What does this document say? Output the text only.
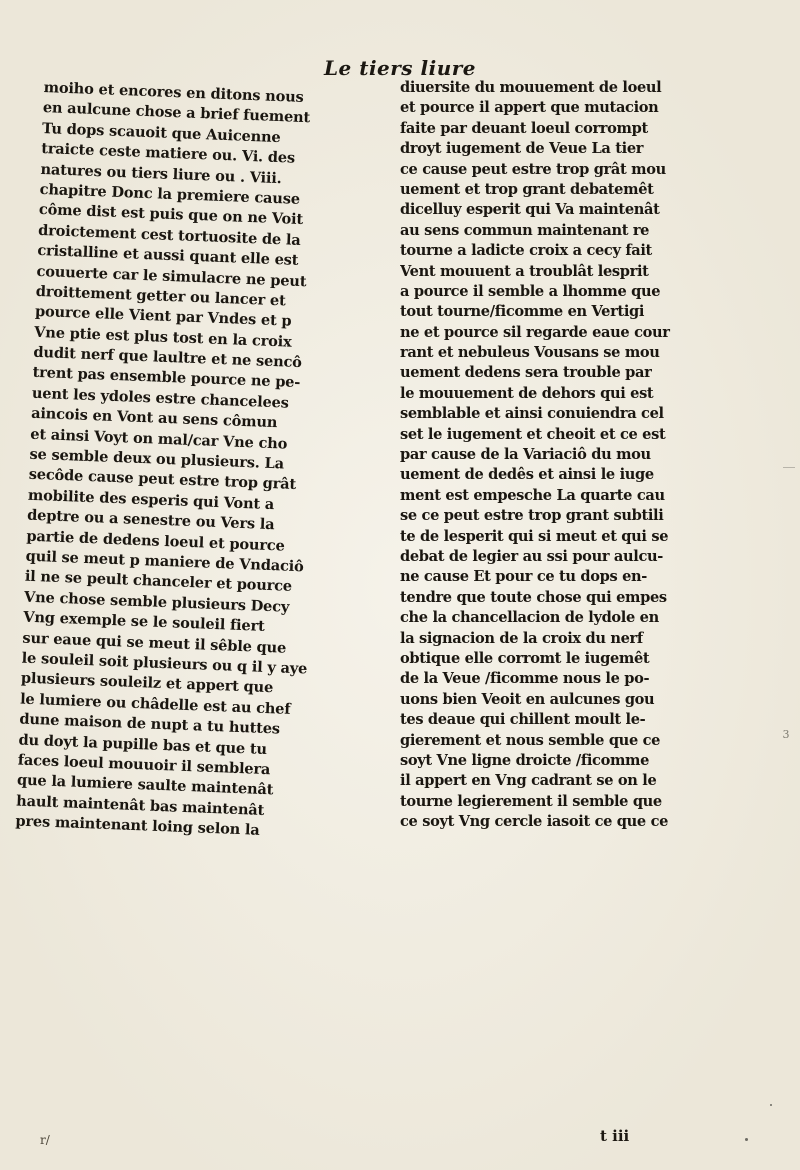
Le tiers liure
moiho et encores en ditons nous
en aulcune chose a brief fuement
Tu dops scauoit que Auicenne
traicte ceste matiere ou. Vi. des
natures ou tiers liure ou . Viii.
chapitre Donc la premiere cause
côme dist est puis que on ne Voit
droictement cest tortuosite de la
cristalline et aussi quant elle est
couuerte car le simulacre ne peut
droittement getter ou lancer et
pource elle Vient par Vndes et p
Vne ptie est plus tost en la croix
dudit nerf que laultre et ne sencô
trent pas ensemble pource ne pe-
uent les ydoles estre chancelees
aincois en Vont au sens cômun
et ainsi Voyt on mal/car Vne cho
se semble deux ou plusieurs. La
secôde cause peut estre trop grât
mobilite des esperis qui Vont a
deptre ou a senestre ou Vers la
partie de dedens loeul et pource
quil se meut p maniere de Vndaciô
il ne se peult chanceler et pource
Vne chose semble plusieurs Decy
Vng exemple se le souleil fiert
sur eaue qui se meut il sêble que
le souleil soit plusieurs ou q il y aye
plusieurs souleilz et appert que
le lumiere ou châdelle est au chef
dune maison de nupt a tu huttes
du doyt la pupille bas et que tu
faces loeul mouuoir il semblera
que la lumiere saulte maintenât
hault maintenât bas maintenât
pres maintenant loing selon la
diuersite du mouuement de loeul
et pource il appert que mutacion
faite par deuant loeul corrompt
droyt iugement de Veue La tier
ce cause peut estre trop grât mou
uement et trop grant debatemêt
dicelluy esperit qui Va maintenât
au sens commun maintenant re
tourne a ladicte croix a cecy fait
Vent mouuent a troublât lesprit
a pource il semble a lhomme que
tout tourne/ficomme en Vertigi
ne et pource sil regarde eaue cour
rant et nebuleus Vousans se mou
uement dedens sera trouble par
le mouuement de dehors qui est
semblable et ainsi conuiendra cel
set le iugement et cheoit et ce est
par cause de la Variaciô du mou
uement de dedês et ainsi le iuge
ment est empesche La quarte cau
se ce peut estre trop grant subtili
te de lesperit qui si meut et qui se
debat de legier au ssi pour aulcu-
ne cause Et pour ce tu dops en-
tendre que toute chose qui empes
che la chancellacion de lydole en
la signacion de la croix du nerf
obtique elle corromt le iugemêt
de la Veue /ficomme nous le po-
uons bien Veoit en aulcunes gou
tes deaue qui chillent moult le-
gierement et nous semble que ce
soyt Vne ligne droicte /ficomme
il appert en Vng cadrant se on le
tourne legierement il semble que
ce soyt Vng cercle iasoit ce que ce
t iii
r/
3
